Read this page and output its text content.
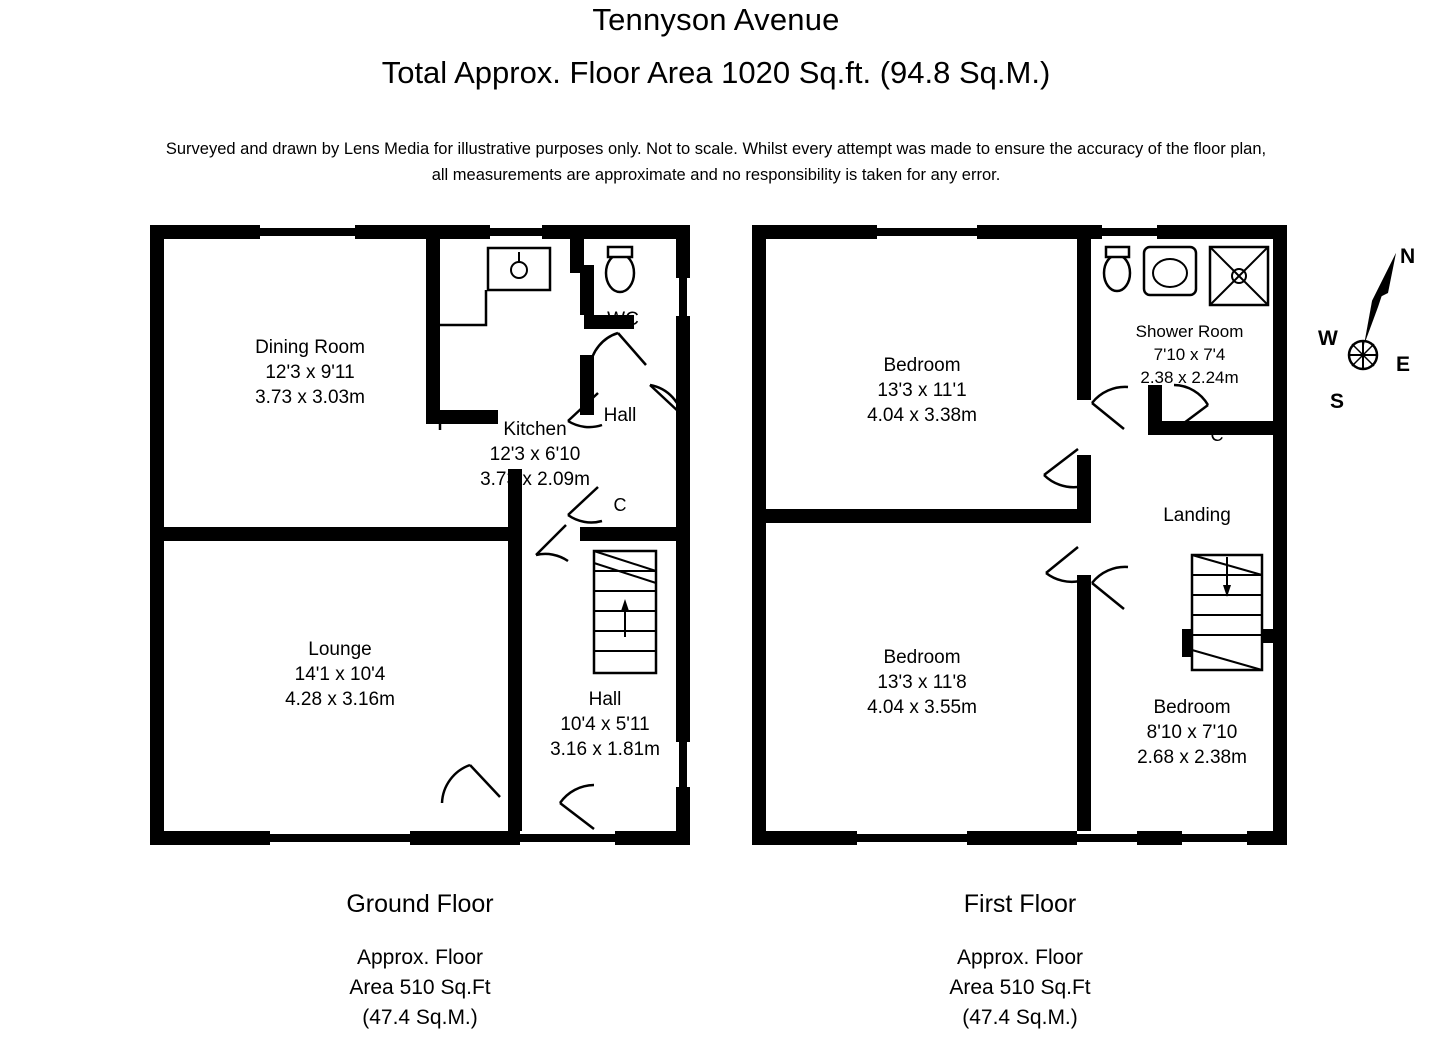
Tennyson Avenue
Total Approx. Floor Area 1020 Sq.ft. (94.8 Sq.M.)
Surveyed and drawn by Lens Media for illustrative purposes only. Not to scale. Whilst every attempt was made to ensure the accuracy of the floor plan,
all measurements are approximate and no responsibility is taken for any error.
Dining Room
12'3 x 9'11
3.73 x 3.03m
Kitchen
12'3 x 6'10
3.73 x 2.09m
WC
Hall
C
Lounge
14'1 x 10'4
4.28 x 3.16m	Hall
10'4 x 5'11
3.16 x 1.81m
Bedroom
13'3 x 11'1
4.04 x 3.38m
Shower Room
7'10 x 7'4
2.38 x 2.24m
C
Landing
Bedroom
13'3 x 11'8
4.04 x 3.55m	Bedroom
8'10 x 7'10
2.68 x 2.38m
N
W
E
S
Ground Floor
Approx. Floor
Area 510 Sq.Ft
(47.4 Sq.M.)
First Floor
Approx. Floor
Area 510 Sq.Ft
(47.4 Sq.M.)
